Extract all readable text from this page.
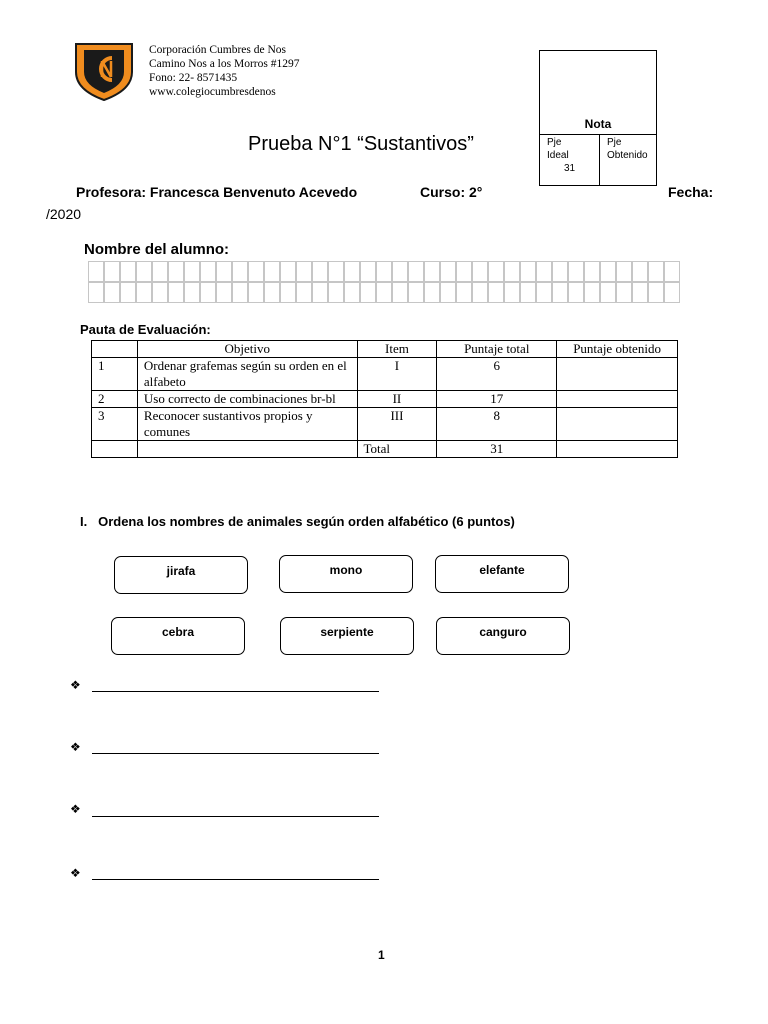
Corporación Cumbres de Nos
Camino Nos a los Morros #1297
Fono: 22- 8571435
www.colegiocumbresdenos
Prueba N°1 “Sustantivos”
Nota
Pje
Ideal
31
Pje
Obtenido
Profesora: Francesca Benvenuto Acevedo	Curso: 2°	Fecha:
/2020
Nombre del alumno:
Pauta de Evaluación:
	Objetivo	Item	Puntaje total	Puntaje obtenido
1	Ordenar grafemas según su orden en el alfabeto	I	6	
2	Uso correcto de combinaciones br-bl	II	17	
3	Reconocer sustantivos propios y comunes	III	8	
		Total	31	
I. Ordena los nombres de animales según orden alfabético (6 puntos)
jirafa	mono	elefante
cebra	serpiente	canguro
❖
❖
❖
❖
1
